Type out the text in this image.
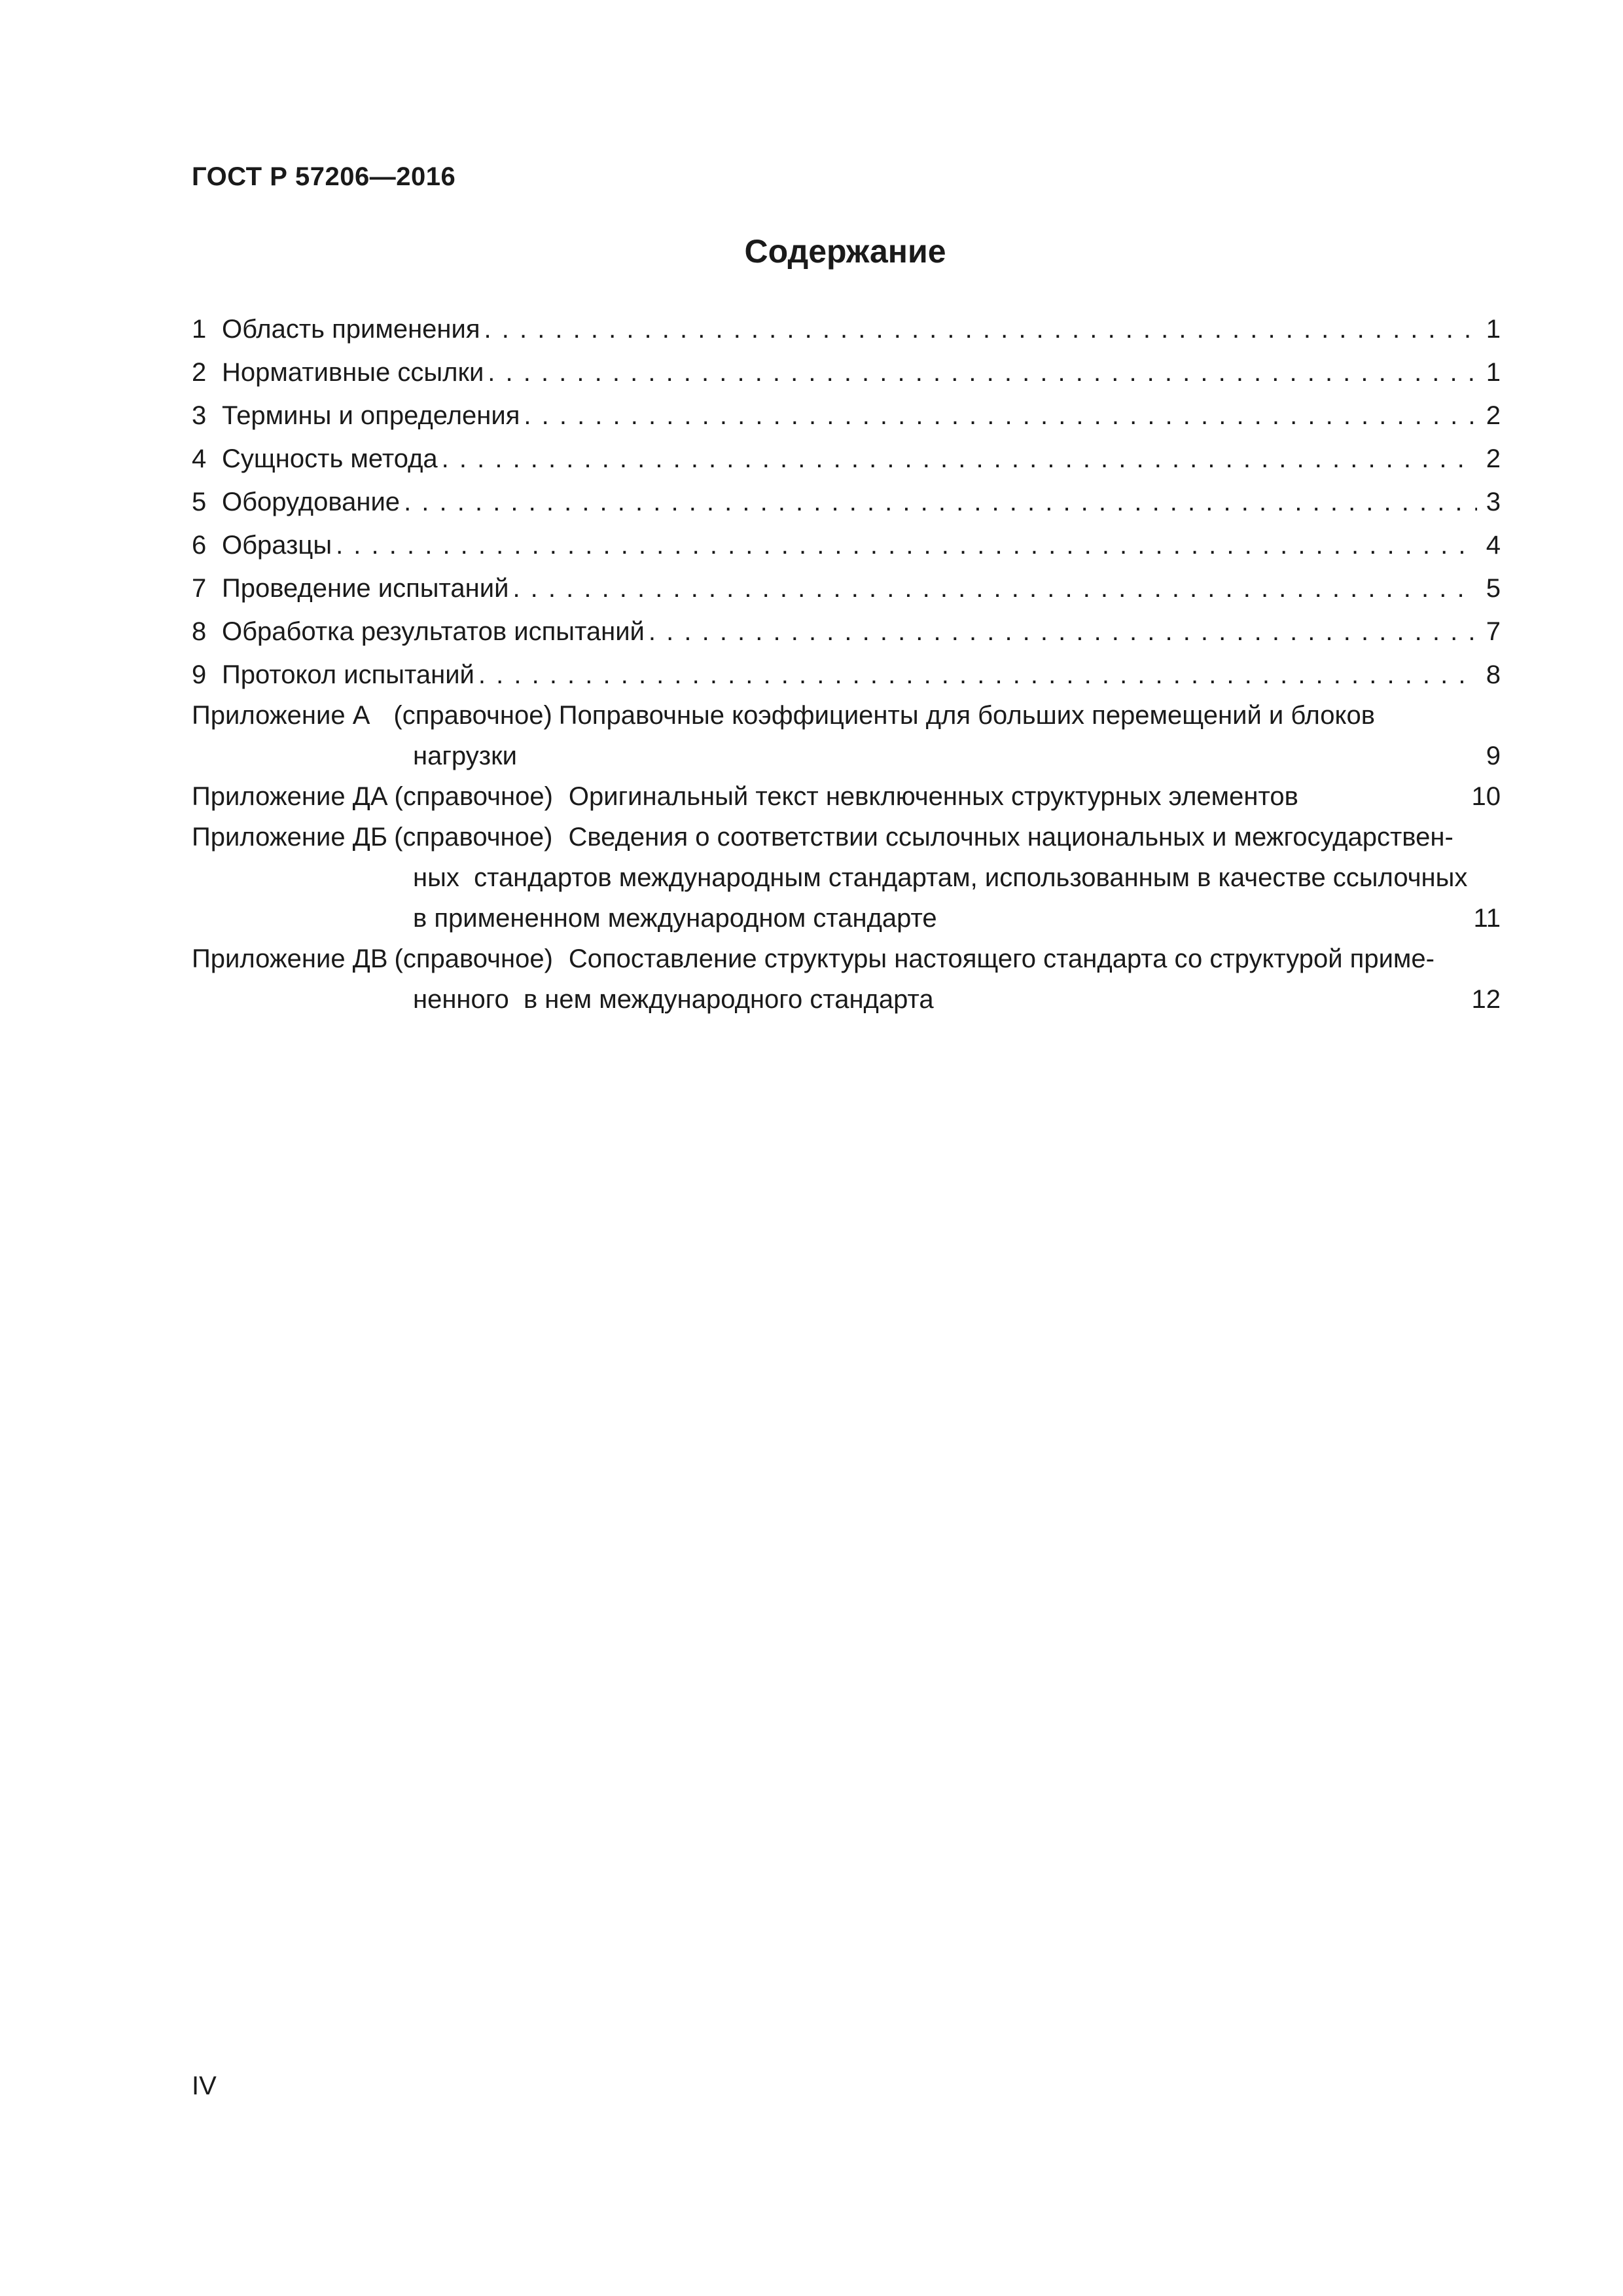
ГОСТ Р 57206—2016
Содержание
1 Область применения . . .	1
2 Нормативные ссылки . . .	1
3 Термины и определения . . .	2
4 Сущность метода . . .	2
5 Оборудование . . .	3
6 Образцы . . .	4
7 Проведение испытаний . . .	5
8 Обработка результатов испытаний . . .	7
9 Протокол испытаний . . .	8
Приложение А (справочное) Поправочные коэффициенты для больших перемещений и блоков
нагрузки	9
Приложение ДА (справочное) Оригинальный текст невключенных структурных элементов	10
Приложение ДБ (справочное) Сведения о соответствии ссылочных национальных и межгосударствен-
ных  стандартов международным стандартам, использованным в качестве ссылочных
в примененном международном стандарте	11
Приложение ДВ (справочное) Сопоставление структуры настоящего стандарта со структурой приме-
ненного  в нем международного стандарта	12
IV
